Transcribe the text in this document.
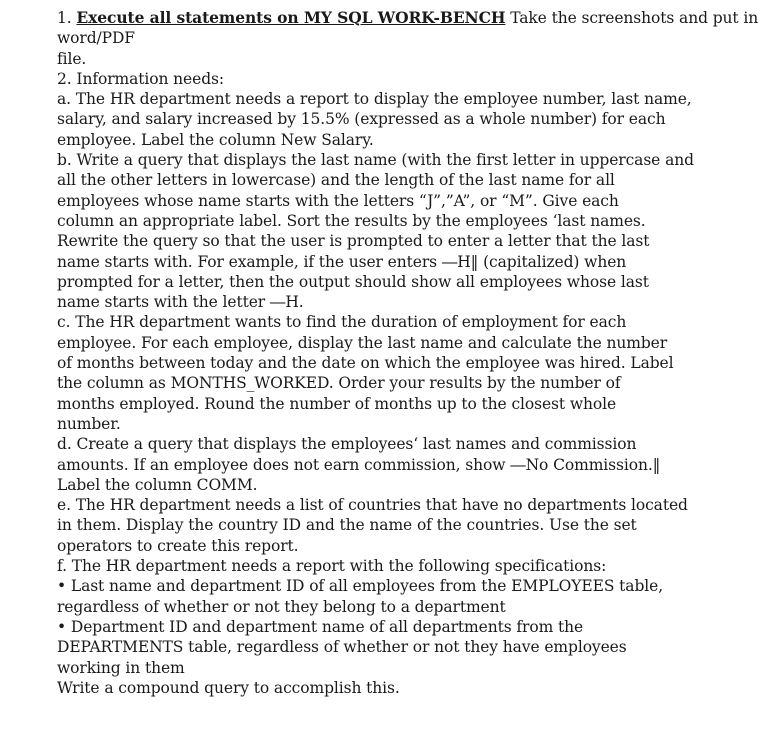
1. Execute all statements on MY SQL WORK-BENCH Take the screenshots and put in
word/PDF
file.
2. Information needs:
a. The HR department needs a report to display the employee number, last name,
salary, and salary increased by 15.5% (expressed as a whole number) for each
employee. Label the column New Salary.
b. Write a query that displays the last name (with the first letter in uppercase and
all the other letters in lowercase) and the length of the last name for all
employees whose name starts with the letters “J”,”A”, or “M”. Give each
column an appropriate label. Sort the results by the employees ‘last names.
Rewrite the query so that the user is prompted to enter a letter that the last
name starts with. For example, if the user enters ―H‖ (capitalized) when
prompted for a letter, then the output should show all employees whose last
name starts with the letter ―H.
c. The HR department wants to find the duration of employment for each
employee. For each employee, display the last name and calculate the number
of months between today and the date on which the employee was hired. Label
the column as MONTHS_WORKED. Order your results by the number of
months employed. Round the number of months up to the closest whole
number.
d. Create a query that displays the employees‘ last names and commission
amounts. If an employee does not earn commission, show ―No Commission.‖
Label the column COMM.
e. The HR department needs a list of countries that have no departments located
in them. Display the country ID and the name of the countries. Use the set
operators to create this report.
f. The HR department needs a report with the following specifications:
• Last name and department ID of all employees from the EMPLOYEES table,
regardless of whether or not they belong to a department
• Department ID and department name of all departments from the
DEPARTMENTS table, regardless of whether or not they have employees
working in them
Write a compound query to accomplish this.
